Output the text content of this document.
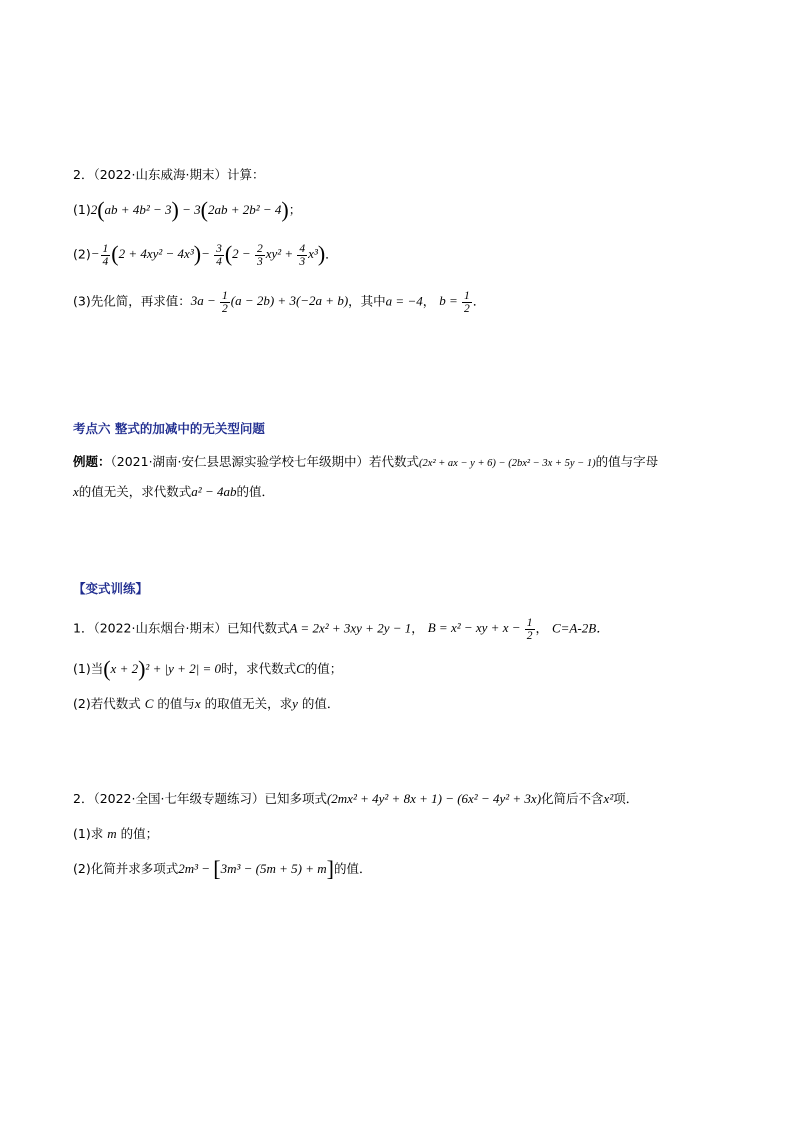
2．（2022·山东威海·期末）计算：
(1)2(ab + 4b² − 3) − 3(2ab + 2b² − 4)；
$(2)- \frac{1}{4} (2 + 4xy^2 - 4x^3)- \frac{3}{4} (2 - \frac{2}{3} xy^2 + \frac{4}{3} x^3)$．
(3)先化简，再求值：$3a - \frac{1}{2} (a - 2b) + 3(-2a + b)$，其中a = −4， $b = \frac{1}{2}$ ．
考点六 整式的加减中的无关型问题
例题：（2021·湖南·安仁县思源实验学校七年级期中）若代数式(2x² + ax − y + 6) − (2bx² − 3x + 5y − 1)的值与字母
x的值无关，求代数式a² − 4ab的值．
【变式训练】
1．（2022·山东烟台·期末）已知代数式A = 2x² + 3xy + 2y − 1， B = x² − xy + $x - \frac{1}{2}$ ， C=A-2B．
(1)当(x + 2)² + |y + 2| = 0时，求代数式C的值；
(2)若代数式 C 的值与x 的取值无关，求y 的值．
2．（2022·全国·七年级专题练习）已知多项式(2mx² + 4y² + 8x + 1) − (6x² − 4y² + 3x)化简后不含x²项．
(1)求 m 的值；
(2)化简并求多项式2m³ − [3m³ − (5m + 5) + m]的值．
